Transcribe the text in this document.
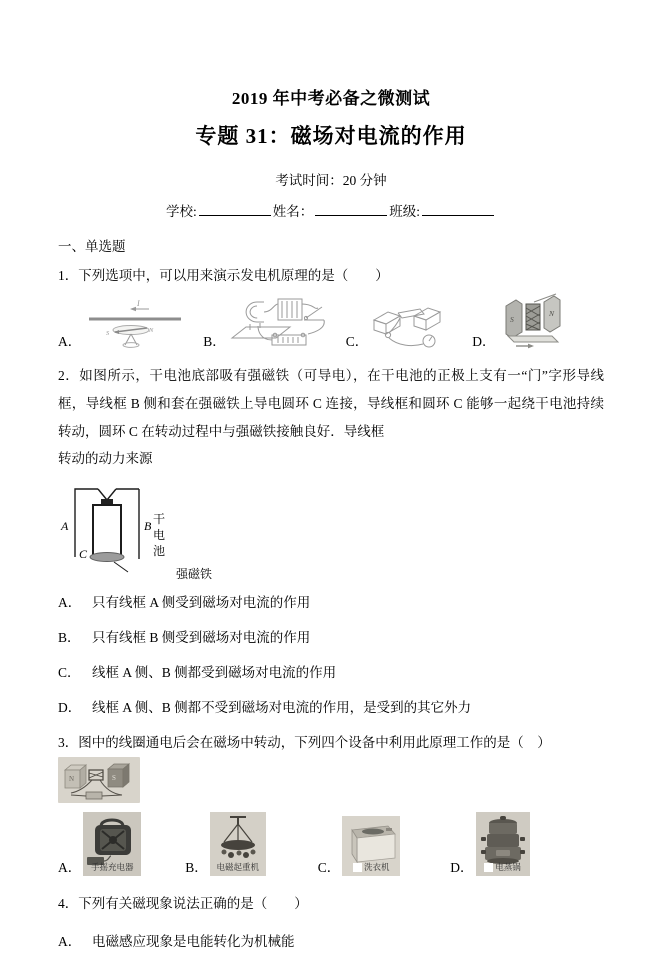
2019 年中考必备之微测试
专题 31：磁场对电流的作用
考试时间：20 分钟
学校:	姓名：	班级:
一、单选题
1．下列选项中，可以用来演示发电机原理的是（　　）
A．
I
S	N
B．	C．	D．
S
N
2．如图所示，干电池底部吸有强磁铁（可导电），在干电池的正极上支有一“门”字形导线框，导线框 B 侧和套在强磁铁上导电圆环 C 连接，导线框和圆环 C 能够一起绕干电池持续转动，圆环 C 在转动过程中与强磁铁接触良好．导线框
转动的动力来源
干电池
A	B
C
强磁铁
A． 只有线框 A 侧受到磁场对电流的作用
B． 只有线框 B 侧受到磁场对电流的作用
C． 线框 A 侧、B 侧都受到磁场对电流的作用
D． 线框 A 侧、B 侧都不受到磁场对电流的作用，是受到的其它外力
3．图中的线圈通电后会在磁场中转动，下列四个设备中利用此原理工作的是（　）
N	S
A． 手摇充电器	B． 电磁起重机	C．	洗衣机	D．	电蒸锅
4．下列有关磁现象说法正确的是（　　）
A． 电磁感应现象是电能转化为机械能
